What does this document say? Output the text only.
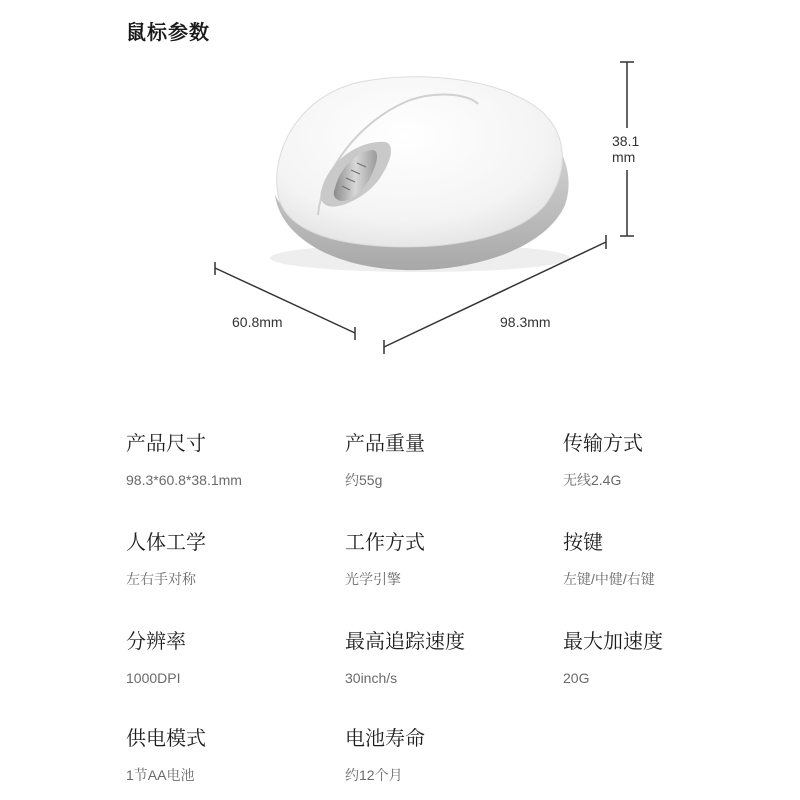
鼠标参数
38.1
mm
60.8mm	98.3mm
产品尺寸
98.3*60.8*38.1mm
产品重量
约55g
传输方式
无线2.4G
人体工学
左右手对称
工作方式
光学引擎
按键
左键/中健/右键
分辨率
1000DPI
最高追踪速度
30inch/s
最大加速度
20G
供电模式
1节AA电池
电池寿命
约12个月
